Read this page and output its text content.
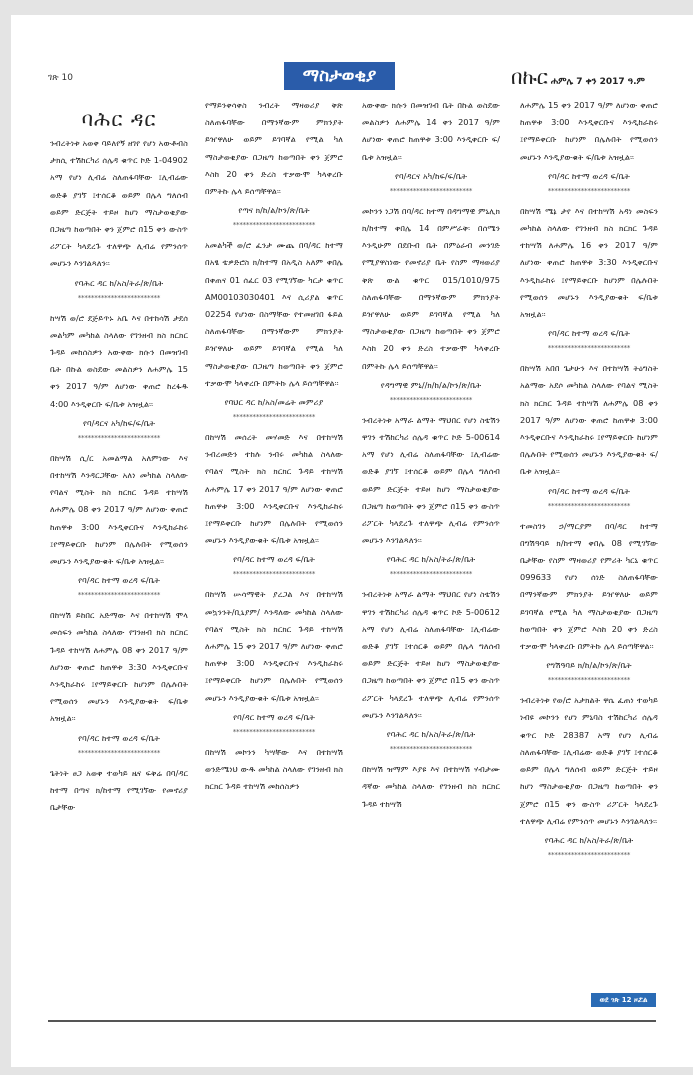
ገጽ 10	ማስታወቂያ	በኩር ሐምሌ 7 ቀን 2017 ዓ.ም
ባሕር ዳር

ንብረትነቱ አወቀ ባይለየኝ ዘገየ የሆነ አውቶብስ ታክሲ ተሽከርካሪ ሰሌዳ ቁጥር ኮድ 1-04902 አማ የሆነ ሊብሬ ስለጠፋባቸው ፤ሊብሬው ወድቆ ያገኘ ፤ተሰርቆ ወይም በሌላ ግለሰብ ወይም ድርጅት ተይዞ ከሆነ ማስታወቂያው በጋዜጣ ከወጣበት ቀን ጀምሮ በ15 ቀን ውስጥ ሪፖርት ካላደረጉ ተለዋጭ ሊብሬ የምንሰጥ መሆኑን እንገልጻለን፡፡

የባሕር ዳር ከ/አስ/ትራ/ጽ/ቤት
*************************

ከሣሽ ወ/ሮ ደጅይጥኑ አቤ እና በተከሳሽ ታደሰ መልካም መካከል ስላለው የገንዘብ ክስ ክርክር ጉዳይ መከሰስዎን አውቀው ክሱን በመዝገብ ቤት በኩል ወስደው መልስዎን ለሐምሌ 15 ቀን 2017 ዓ/ም ለሆነው ቀጠሮ ከረፋዱ 4:00 እንዲቀርቡ ፍ/ቤቱ አዝዟል፡፡

የባ/ዳርና አካ/ከፍ/ፍ/ቤት
*************************

በከሣሽ ሲ/ር አመልማል አለምነው እና በተከሣሽ እንዳርጋቸው አለነ መካከል ስላለው የባልና ሚስት ክስ ክርክር ጉዳይ ተከሣሽ ለሐምሌ 08 ቀን 2017 ዓ/ም ለሆነው ቀጠሮ ከጠዋቱ 3:00 እንዲቀርቡና እንዲከራከሩ ፤የማይቀርቡ ከሆነም በሌሉበት የሚወሰን መሆኑን እንዲያውቁት ፍ/ቤቱ አዝዟል፡፡

የባ/ዳር ከተማ ወረዳ ፍ/ቤት
*************************

በከሣሽ ይከበር አድማው እና በተከሣሽ ሞላ መሰፍን መካከል ስላለው የገንዘብ ክስ ክርክር ጉዳይ ተከሣሽ ለሐምሌ 08 ቀን 2017 ዓ/ም ለሆነው ቀጠሮ ከጠዋቱ 3:30 እንዲቀርቡና እንዲከራከሩ ፤የማይቀርቡ ከሆነም በሌሉበት የሚወሰን መሆኑን እንዲያውቁት ፍ/ቤቱ አዝዟል፡፡

የባ/ዳር ከተማ ወረዳ ፍ/ቤት
*************************

ጌትነት ፀጋ አወቀ ተወካይ ዜና ፍቅሬ በባ/ዳር ከተማ በጣና ክ/ከተማ የሚገኘው የመኖሪያ ቤታቸው

የማይንቀሳቀስ ንብረት ማዛወሪያ ቅጽ ስለጠፋባቸው በማንኛውም ምክንያት ይዠዋለሁ ወይም ይገባኛል የሚል ካለ ማስታወቂያው በጋዜጣ ከወጣበት ቀን ጀምሮ እስከ 20 ቀን ድረስ ተቃውሞ ካላቀረቡ በምትኩ ሌላ ይሰጣቸዋል፡፡

የጣና ክ/ከ/ል/ኮን/ጽ/ቤት
*************************

አመልካች ወ/ሮ ፈንታ ሙጨ በባ/ዳር ከተማ በአፄ ቴዎድሮስ ክ/ከተማ በአዲስ አለም ቀበሌ በቀጠና 01 ሰፈር 03 የሚገኘው ካርታ ቁጥር AM00103030401 እና ሲሪያል ቁጥር 02254 የሆነው በስማቸው የተመዘገበ ፋይል ስለጠፋባቸው በማንኛውም ምክንያት ይዠዋለሁ ወይም ይገባኛል የሚል ካለ ማስታወቂያው በጋዜጣ ከወጣበት ቀን ጀምሮ ተቃውሞ ካላቀረቡ በምትኩ ሌላ ይሰጣቸዋል፡፡

የባህር ዳር ከ/አስ/መሬት መምሪያ
*************************

በከሣሽ መሰረት መሃመድ እና በተከሣሽ ንብረመድን ተከሉ ንብሩ መካከል ስላለው የባልና ሚስት ክስ ክርክር ጉዳይ ተከሣሽ ለሐምሌ 17 ቀን 2017 ዓ/ም ለሆነው ቀጠሮ ከጠዋቱ 3:00 እንዲቀርቡና እንዲከራከሩ ፤የማይቀርቡ ከሆነም በሌሉበት የሚወሰን መሆኑን እንዲያውቁት ፍ/ቤቱ አዝዟል፡፡

የባ/ዳር ከተማ ወረዳ ፍ/ቤት
*************************

በከሣሽ ሡሳማዊት ያረጋል እና በተከሣሽ መኳንንት/ቢኒያም/ እንዳለው መካከል ስላለው የባልና ሚስት ክስ ክርክር ጉዳይ ተከሣሽ ለሐምሌ 15 ቀን 2017 ዓ/ም ለሆነው ቀጠሮ ከጠዋቱ 3:00 እንዲቀርቡና እንዲከራከሩ ፤የማይቀርቡ ከሆነም በሌሉበት የሚወሰን መሆኑን እንዲያውቁት ፍ/ቤቱ አዝዟል፡፡

የባ/ዳር ከተማ ወረዳ ፍ/ቤት
*************************

በከሣሽ መኮንን ካሣቸው እና በተከሣሽ ወንድሜነህ ውዱ መካከል ስላለው የገንዘብ ክስ ክርክር ጉዳይ ተከሣሽ መከሰስዎን

አውቀው ክሱን በመዝገብ ቤት በኩል ወስደው መልስዎን ለሐምሌ 14 ቀን 2017 ዓ/ም ለሆነው ቀጠሮ ከጠዋቱ 3:00 እንዲቀርቡ ፍ/ቤቱ አዝዟል፡፡

የባ/ዳርና አካ/ከፍ/ፍ/ቤት
*************************

መኮንን ነጋሽ በባ/ዳር ከተማ በዳግማዊ ምኒሊክ ክ/ከተማ ቀበሌ 14 በምሥራቅ፡ በሰሜን እንዲሁም በደቡብ ቤት በምዕራብ መንገድ የሚያዋስነው የመኖሪያ ቤት የስም ማዛወሪያ ቅጽ ውል ቁጥር 015/1010/975 ስለጠፋባቸው በማንኛውም ምክንያት ይዠዋለሁ ወይም ይገባኛል የሚል ካለ ማስታወቂያው በጋዜጣ ከወጣበት ቀን ጀምሮ እስከ 20 ቀን ድረስ ተቃውሞ ካላቀረቡ በምትኩ ሌላ ይሰጣቸዋል፡፡

የዳግማዊ ምኒ//ክ/ከ/ል/ኮን/ጽ/ቤት
*************************

ንብረትነቱ አማራ ልማት ማህበር የሆነ ስቴሽን ዋገን ተሽከርካሪ ሰሌዳ ቁጥር ኮድ 5-00614 አማ የሆነ ሊብሬ ስለጠፋባቸው ፤ሊብሬው ወድቆ ያገኘ ፤ተሰርቆ ወይም በሌላ ግለሰብ ወይም ድርጅት ተይዞ ከሆነ ማስታወቂያው በጋዜጣ ከወጣበት ቀን ጀምሮ በ15 ቀን ውስጥ ሪፖርት ካላደረጉ ተለዋጭ ሊብሬ የምንሰጥ መሆኑን እንገልጻለን፡፡

የባሕር ዳር ከ/አስ/ትራ/ጽ/ቤት
*************************

ንብረትነቱ አማራ ልማት ማህበር የሆነ ስቴሽን ዋገን ተሽከርካሪ ሰሌዳ ቁጥር ኮድ 5-00612 አማ የሆነ ሊብሬ ስለጠፋባቸው ፤ሊብሬው ወድቆ ያገኘ ፤ተሰርቆ ወይም በሌላ ግለሰብ ወይም ድርጅት ተይዞ ከሆነ ማስታወቂያው በጋዜጣ ከወጣበት ቀን ጀምሮ በ15 ቀን ውስጥ ሪፖርት ካላደረጉ ተለዋጭ ሊብሬ የምንሰጥ መሆኑን እንገልጻለን፡፡

የባሕር ዳር ከ/አስ/ትራ/ጽ/ቤት
*************************

በከሣሽ ዝማም እያዩ እና በተከሣሽ ሃብታሙ ዳኛው መካከል ስላለው የገንዘብ ክስ ክርክር ጉዳይ ተከሣሽ

ለሐምሌ 15 ቀን 2017 ዓ/ም ለሆነው ቀጠሮ ከጠዋቱ 3:00 እንዲቀርቡና እንዲከራከሩ ፤የማይቀርቡ ከሆነም በሌሉበት የሚወሰን መሆኑን እንዲያውቁት ፍ/ቤቱ አዝዟል፡፡

የባ/ዳር ከተማ ወረዳ ፍ/ቤት
*************************

በከሣሽ ሜኔ ታየ እና በተከሣሽ አዳነ መስፍን መካከል ስላለው የገንዘብ ክስ ክርክር ጉዳይ ተከሣሽ ለሐምሌ 16 ቀን 2017 ዓ/ም ለሆነው ቀጠሮ ከጠዋቱ 3:30 እንዲቀርቡና እንዲከራከሩ ፤የማይቀርቡ ከሆነም በሌሉበት የሚወሰን መሆኑን እንዲያውቁት ፍ/ቤቱ አዝዟል፡፡

የባ/ዳር ከተማ ወረዳ ፍ/ቤት
*************************

በከሣሽ አበበ ጌታሁን እና በተከሣሽ ትዕግስት አልማው አደሶ መካከል ስላለው የባልና ሚስት ክስ ክርክር ጉዳይ ተከሣሽ ለሐምሌ 08 ቀን 2017 ዓ/ም ለሆነው ቀጠሮ ከጠዋቱ 3:00 እንዲቀርቡና እንዲከራከሩ ፤የማይቀርቡ ከሆነም በሌሉበት የሚወሰን መሆኑን እንዲያውቁት ፍ/ቤቱ አዝዟል፡፡

የባ/ዳር ከተማ ወረዳ ፍ/ቤት
*************************

ተመስገን ኃ/ማርያም በባ/ዳር ከተማ በግሽዓባይ ክ/ከተማ ቀበሌ 08 የሚገኘው ቤታቸው የስም ማዛወሪያ የምሪት ካርኒ ቁጥር 099633 የሆነ ሰነድ ስለጠፋባቸው በማንኛውም ምክንያት ይዠዋለሁ ወይም ይገባኛል የሚል ካለ ማስታወቂያው በጋዜጣ ከወጣበት ቀን ጀምሮ እስከ 20 ቀን ድረስ ተቃውሞ ካላቀረቡ በምትኩ ሌላ ይሰጣቸዋል፡፡

የግሽዓባይ ክ/ከ/ል/ኮን/ጽ/ቤት
*************************

ንብረትነቱ የወ/ሮ አታክልት ዋሴ ፈጠነ ተወካይ ነብዩ መኮንን የሆነ ምኒባስ ተሽከርካሪ ሰሌዳ ቁጥር ኮድ 28387 አማ የሆነ ሊብሬ ስለጠፋባቸው ፤ሊብሬው ወድቆ ያገኘ ፤ተሰርቆ ወይም በሌላ ግለሰብ ወይም ድርጅት ተይዞ ከሆነ ማስታወቂያው በጋዜጣ ከወጣበት ቀን ጀምሮ በ15 ቀን ውስጥ ሪፖርት ካላደረጉ ተለዋጭ ሊብሬ የምንሰጥ መሆኑን እንገልጻለን፡፡

የባሕር ዳር ከ/አስ/ትራ/ጽ/ቤት
*************************
ወደ ገጽ 12 ዞሯል
